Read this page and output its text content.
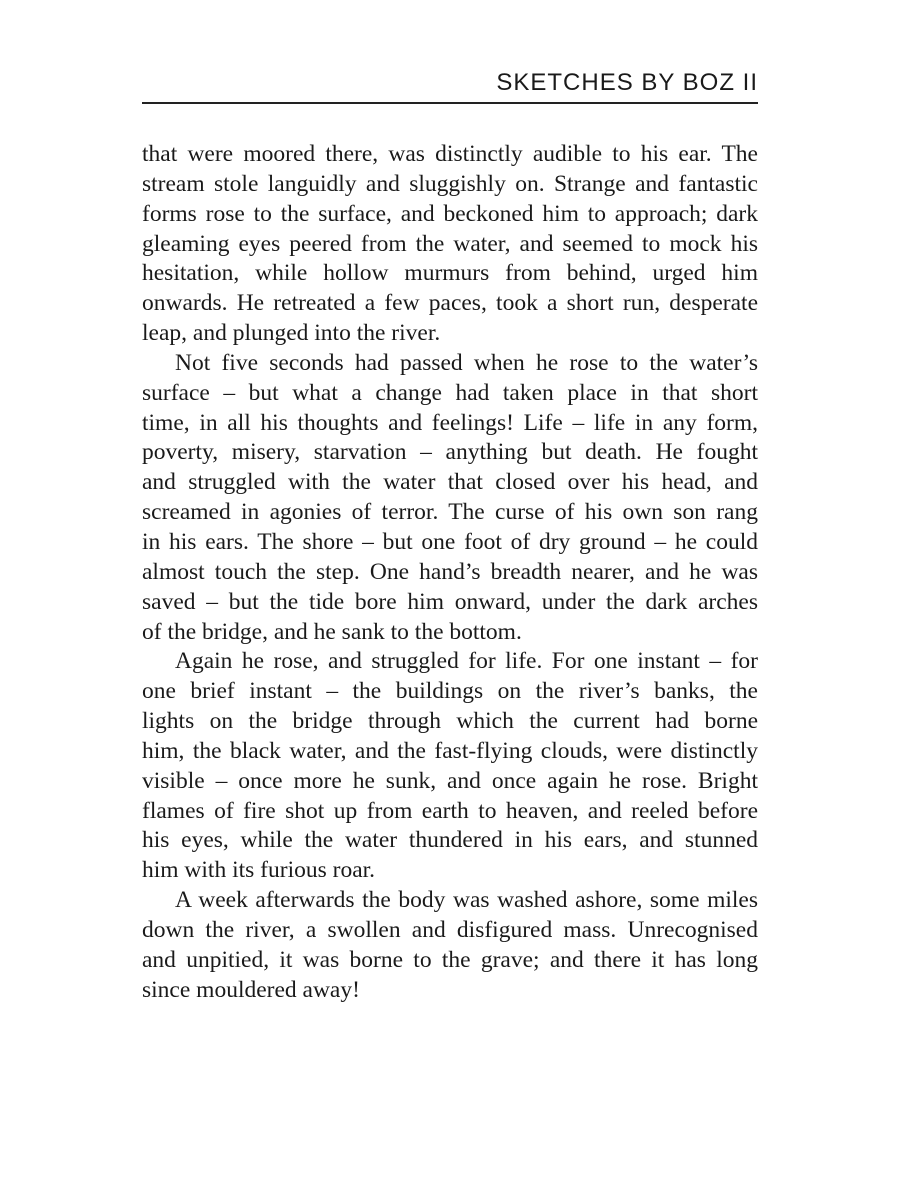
SKETCHES BY BOZ II

that were moored there, was distinctly audible to his ear. The
stream stole languidly and sluggishly on. Strange and fantastic
forms rose to the surface, and beckoned him to approach; dark
gleaming eyes peered from the water, and seemed to mock his
hesitation, while hollow murmurs from behind, urged him
onwards. He retreated a few paces, took a short run, desperate
leap, and plunged into the river.

Not five seconds had passed when he rose to the water’s
surface – but what a change had taken place in that short
time, in all his thoughts and feelings! Life – life in any form,
poverty, misery, starvation – anything but death. He fought
and struggled with the water that closed over his head, and
screamed in agonies of terror. The curse of his own son rang
in his ears. The shore – but one foot of dry ground – he could
almost touch the step. One hand’s breadth nearer, and he was
saved – but the tide bore him onward, under the dark arches
of the bridge, and he sank to the bottom.

Again he rose, and struggled for life. For one instant – for
one brief instant – the buildings on the river’s banks, the
lights on the bridge through which the current had borne
him, the black water, and the fast-flying clouds, were distinctly
visible – once more he sunk, and once again he rose. Bright
flames of fire shot up from earth to heaven, and reeled before
his eyes, while the water thundered in his ears, and stunned
him with its furious roar.

A week afterwards the body was washed ashore, some miles
down the river, a swollen and disfigured mass. Unrecognised
and unpitied, it was borne to the grave; and there it has long
since mouldered away!
